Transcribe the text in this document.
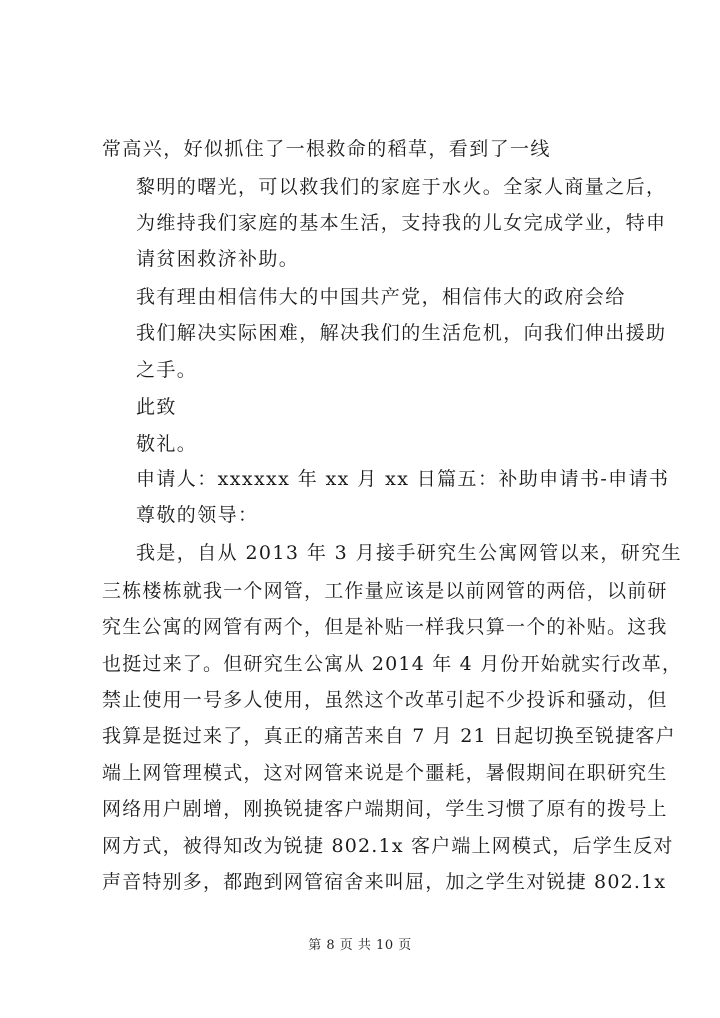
常高兴，好似抓住了一根救命的稻草，看到了一线
黎明的曙光，可以救我们的家庭于水火。全家人商量之后，
为维持我们家庭的基本生活，支持我的儿女完成学业，特申
请贫困救济补助。
我有理由相信伟大的中国共产党，相信伟大的政府会给
我们解决实际困难，解决我们的生活危机，向我们伸出援助
之手。
此致
敬礼。
申请人：xxxxxx 年 xx 月 xx 日篇五：补助申请书-申请书
尊敬的领导：
我是，自从 2013 年 3 月接手研究生公寓网管以来，研究生
三栋楼栋就我一个网管，工作量应该是以前网管的两倍，以前研
究生公寓的网管有两个，但是补贴一样我只算一个的补贴。这我
也挺过来了。但研究生公寓从 2014 年 4 月份开始就实行改革，
禁止使用一号多人使用，虽然这个改革引起不少投诉和骚动，但
我算是挺过来了，真正的痛苦来自 7 月 21 日起切换至锐捷客户
端上网管理模式，这对网管来说是个噩耗，暑假期间在职研究生
网络用户剧增，刚换锐捷客户端期间，学生习惯了原有的拨号上
网方式，被得知改为锐捷 802.1x 客户端上网模式，后学生反对
声音特别多，都跑到网管宿舍来叫屈，加之学生对锐捷 802.1x
第 8 页 共 10 页
